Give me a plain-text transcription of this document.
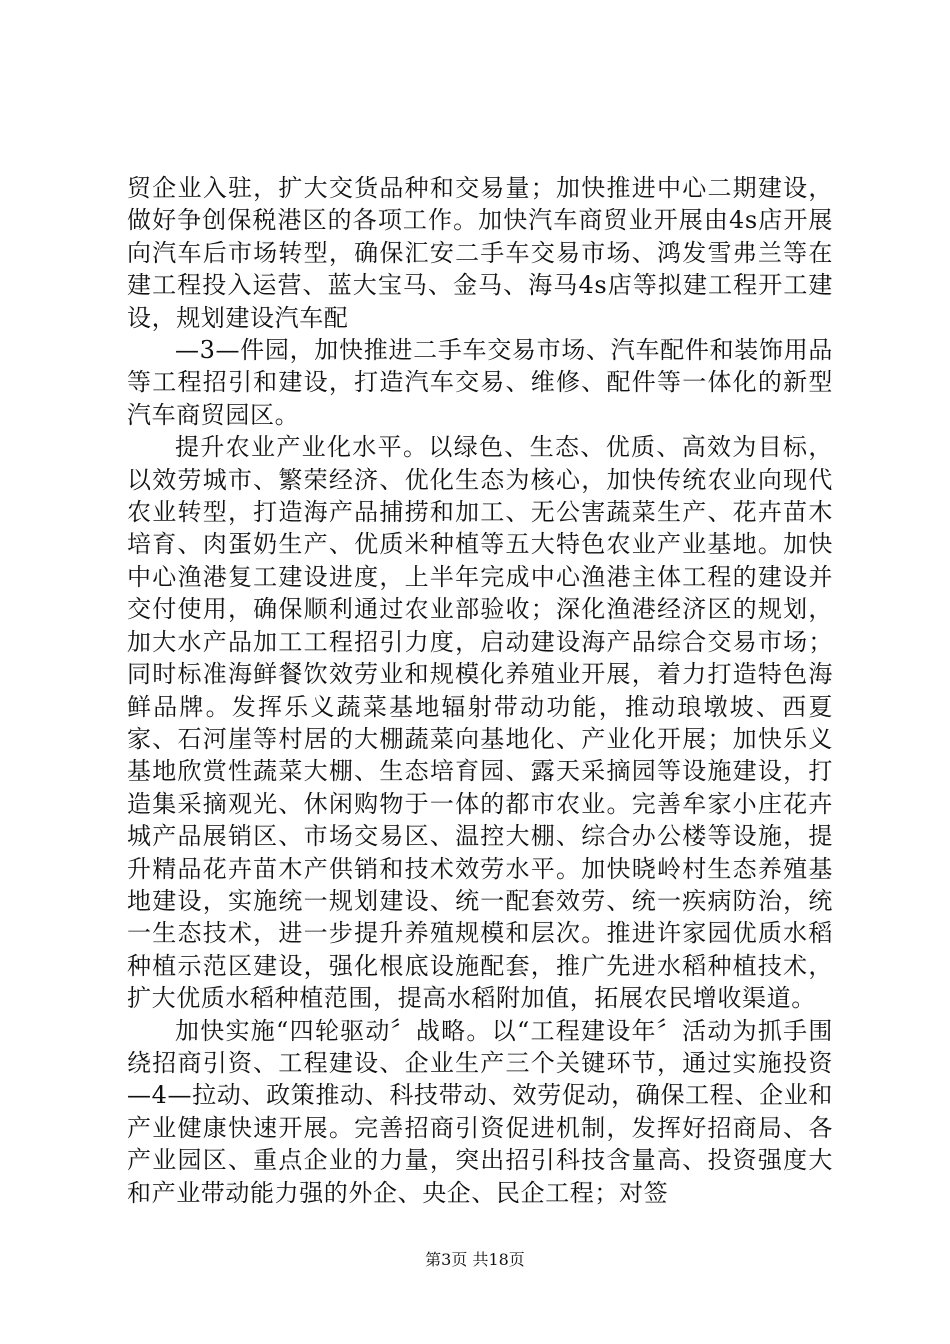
贸企业入驻，扩大交货品种和交易量；加快推进中心二期建设，做好争创保税港区的各项工作。加快汽车商贸业开展由4s店开展向汽车后市场转型，确保汇安二手车交易市场、鸿发雪弗兰等在建工程投入运营、蓝大宝马、金马、海马4s店等拟建工程开工建设，规划建设汽车配

—3—件园，加快推进二手车交易市场、汽车配件和装饰用品等工程招引和建设，打造汽车交易、维修、配件等一体化的新型汽车商贸园区。

提升农业产业化水平。以绿色、生态、优质、高效为目标，以效劳城市、繁荣经济、优化生态为核心，加快传统农业向现代农业转型，打造海产品捕捞和加工、无公害蔬菜生产、花卉苗木培育、肉蛋奶生产、优质米种植等五大特色农业产业基地。加快中心渔港复工建设进度，上半年完成中心渔港主体工程的建设并交付使用，确保顺利通过农业部验收；深化渔港经济区的规划，加大水产品加工工程招引力度，启动建设海产品综合交易市场；同时标准海鲜餐饮效劳业和规模化养殖业开展，着力打造特色海鲜品牌。发挥乐义蔬菜基地辐射带动功能，推动琅墩坡、西夏家、石河崖等村居的大棚蔬菜向基地化、产业化开展；加快乐义基地欣赏性蔬菜大棚、生态培育园、露天采摘园等设施建设，打造集采摘观光、休闲购物于一体的都市农业。完善牟家小庄花卉城产品展销区、市场交易区、温控大棚、综合办公楼等设施，提升精品花卉苗木产供销和技术效劳水平。加快晓岭村生态养殖基地建设，实施统一规划建设、统一配套效劳、统一疾病防治，统一生态技术，进一步提升养殖规模和层次。推进许家园优质水稻种植示范区建设，强化根底设施配套，推广先进水稻种植技术，扩大优质水稻种植范围，提高水稻附加值，拓展农民增收渠道。

加快实施“四轮驱动〞战略。以“工程建设年〞活动为抓手围绕招商引资、工程建设、企业生产三个关键环节，通过实施投资—4—拉动、政策推动、科技带动、效劳促动，确保工程、企业和产业健康快速开展。完善招商引资促进机制，发挥好招商局、各产业园区、重点企业的力量，突出招引科技含量高、投资强度大和产业带动能力强的外企、央企、民企工程；对签

第3页 共18页
